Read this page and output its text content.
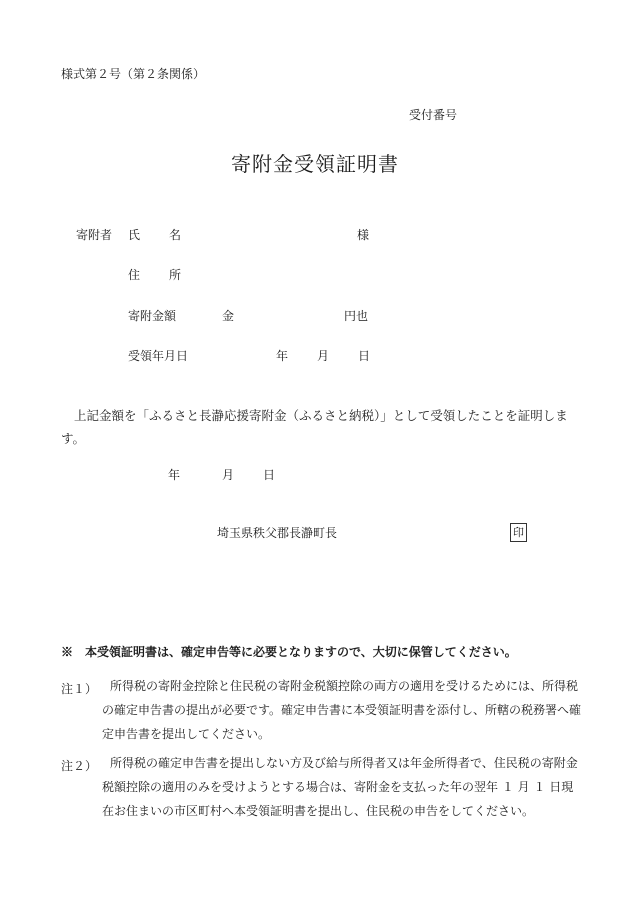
様式第２号（第２条関係）
受付番号
寄附金受領証明書
寄附者 氏 名	様
住 所
寄附金額	金	円也
受領年月日	年 月 日
上記金額を「ふるさと長瀞応援寄附金（ふるさと納税）」として受領したことを証明します。
年	月 日
埼玉県秩父郡長瀞町長	印
※　本受領証明書は、確定申告等に必要となりますので、大切に保管してください。
注１）	所得税の寄附金控除と住民税の寄附金税額控除の両方の適用を受けるためには、所得税の確定申告書の提出が必要です。確定申告書に本受領証明書を添付し、所轄の税務署へ確定申告書を提出してください。
注２）	所得税の確定申告書を提出しない方及び給与所得者又は年金所得者で、住民税の寄附金税額控除の適用のみを受けようとする場合は、寄附金を支払った年の翌年 １ 月 １ 日現在お住まいの市区町村へ本受領証明書を提出し、住民税の申告をしてください。
